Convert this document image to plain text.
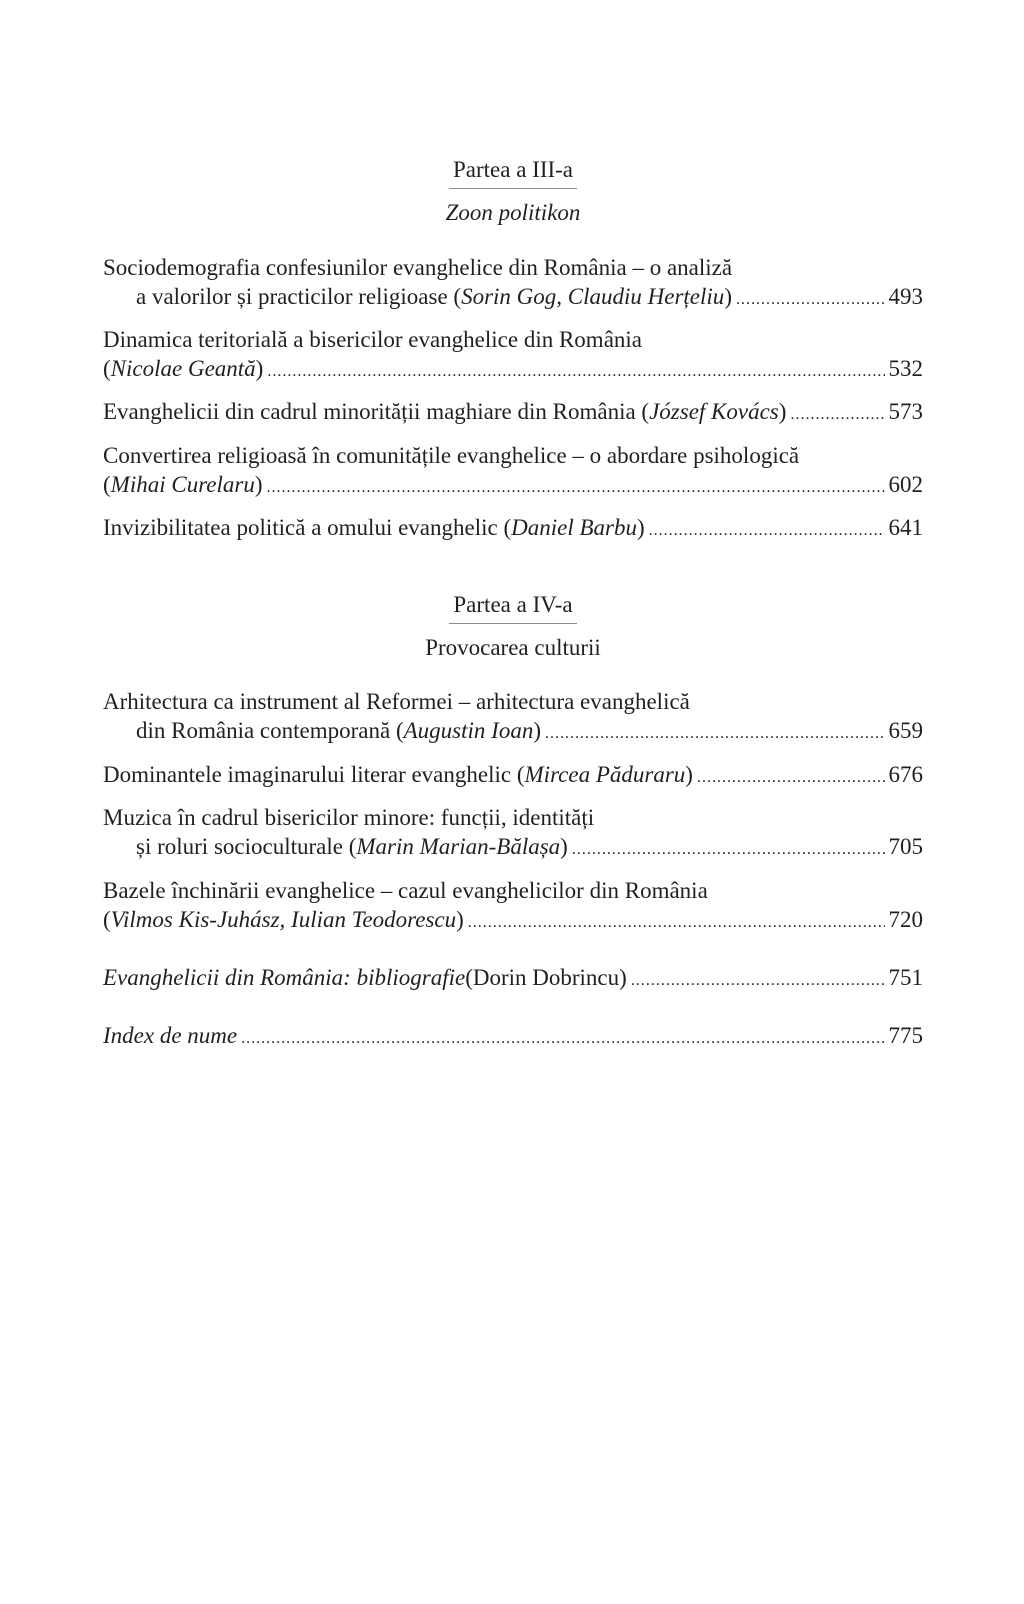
Partea a III-a
Zoon politikon
Sociodemografia confesiunilor evanghelice din România – o analiză
a valorilor și practicilor religioase ( Sorin Gog, Claudiu Herțeliu ) .....	493
Dinamica teritorială a bisericilor evanghelice din România
( Nicolae Geantă ) .....	532
Evanghelicii din cadrul minorității maghiare din România ( József Kovács ) .....	573
Convertirea religioasă în comunitățile evanghelice – o abordare psihologică
( Mihai Curelaru ) .....	602
Invizibilitatea politică a omului evanghelic ( Daniel Barbu ) .....	641
Partea a IV-a
Provocarea culturii
Arhitectura ca instrument al Reformei – arhitectura evanghelică
din România contemporană ( Augustin Ioan ) .....	659
Dominantele imaginarului literar evanghelic ( Mircea Păduraru ) .....	676
Muzica în cadrul bisericilor minore: funcții, identități
și roluri socioculturale ( Marin Marian-Bălașa ) .....	705
Bazele închinării evanghelice – cazul evanghelicilor din România
( Vilmos Kis-Juhász, Iulian Teodorescu ) .....	720
Evanghelicii din România: bibliografie (Dorin Dobrincu) .....	751
Index de nume .....	775
